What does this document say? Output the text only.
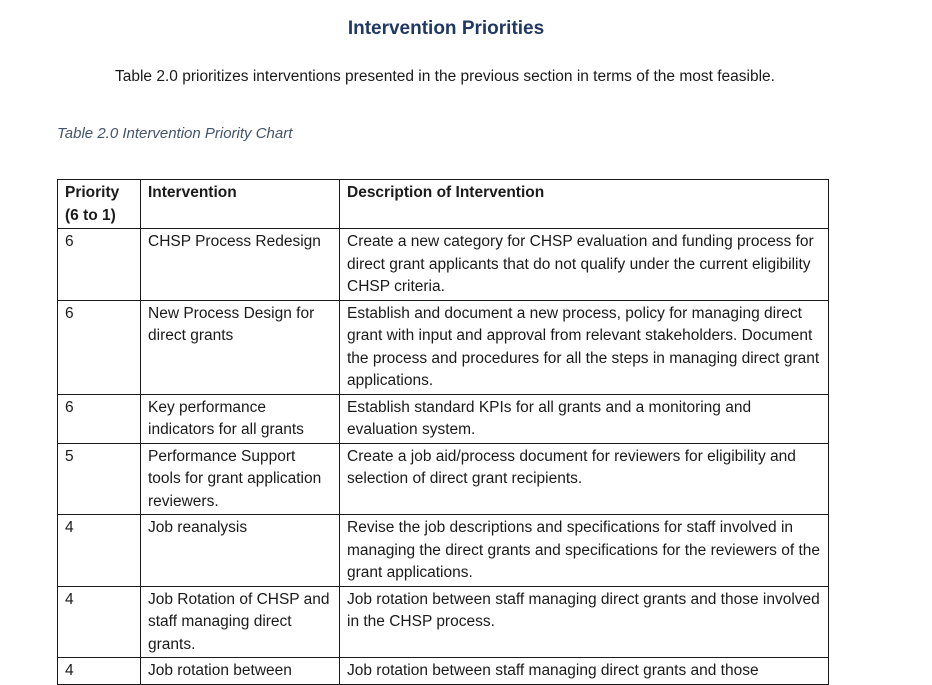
Intervention Priorities
Table 2.0 prioritizes interventions presented in the previous section in terms of the most feasible.
Table 2.0 Intervention Priority Chart
Priority (6 to 1)	Intervention	Description of Intervention
6	CHSP Process Redesign	Create a new category for CHSP evaluation and funding process for direct grant applicants that do not qualify under the current eligibility CHSP criteria.
6	New Process Design for direct grants	Establish and document a new process, policy for managing direct grant with input and approval from relevant stakeholders. Document the process and procedures for all the steps in managing direct grant applications.
6	Key performance indicators for all grants	Establish standard KPIs for all grants and a monitoring and evaluation system.
5	Performance Support tools for grant application reviewers.	Create a job aid/process document for reviewers for eligibility and selection of direct grant recipients.
4	Job reanalysis	Revise the job descriptions and specifications for staff involved in managing the direct grants and specifications for the reviewers of the grant applications.
4	Job Rotation of CHSP and staff managing direct grants.	Job rotation between staff managing direct grants and those involved in the CHSP process.
4	Job rotation between	Job rotation between staff managing direct grants and those
